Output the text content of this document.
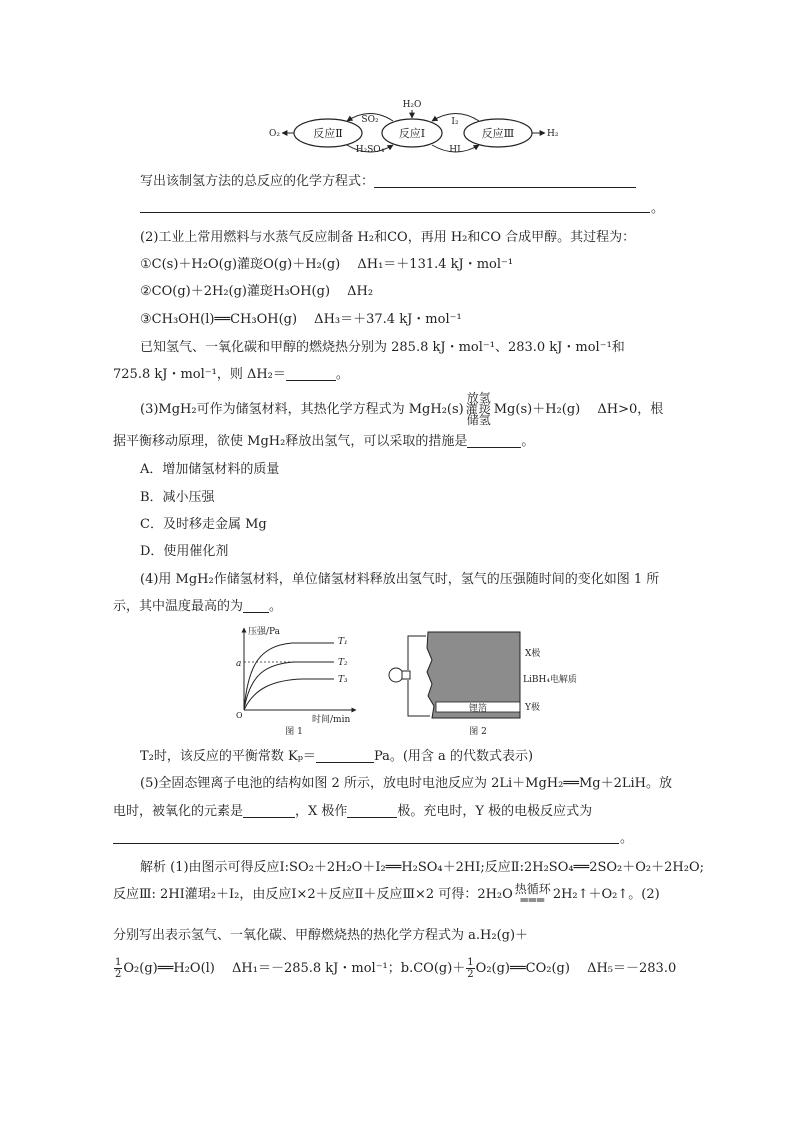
反应Ⅱ	反应Ⅰ	反应Ⅲ
H₂O
O₂	H₂
SO₂
H₂SO₄
I₂
HI
写出该制氢方法的总反应的化学方程式：
。
(2)工业上常用燃料与水蒸气反应制备 H₂和CO，再用 H₂和CO 合成甲醇。其过程为：
①C(s)＋H₂O(g)灌珳O(g)＋H₂(g)　 ΔH₁＝＋131.4 kJ・mol⁻¹
②CO(g)＋2H₂(g)灌珳H₃OH(g)　 ΔH₂
③CH₃OH(l)══CH₃OH(g)　 ΔH₃＝＋37.4 kJ・mol⁻¹
已知氢气、一氧化碳和甲醇的燃烧热分别为 285.8 kJ・mol⁻¹、283.0 kJ・mol⁻¹和
725.8 kJ・mol⁻¹，则 ΔH₂＝	。
(3)MgH₂可作为储氢材料，其热化学方程式为 MgH₂(s)
放氢
灌珳
储氢
Mg(s)＋H₂(g)　 ΔH>0，根
据平衡移动原理，欲使 MgH₂释放出氢气，可以采取的措施是	。
A．增加储氢材料的质量
B．减小压强
C．及时移走金属 Mg
D．使用催化剂
(4)用 MgH₂作储氢材料，单位储氢材料释放出氢气时，氢气的压强随时间的变化如图 1 所
示，其中温度最高的为 。
压强/Pa
时间/min
O
a
T₁
T₂
T₃
图 1
锂箔
X极
LiBH₄电解质
Y极
图 2
T₂时，该反应的平衡常数 Kₚ＝	Pa。(用含 a 的代数式表示)
(5)全固态锂离子电池的结构如图 2 所示，放电时电池反应为 2Li＋MgH₂══Mg＋2LiH。放
电时，被氧化的元素是	，X 极作	极。充电时，Y 极的电极反应式为
。
解析 (1)由图示可得反应Ⅰ:SO₂＋2H₂O＋I₂══H₂SO₄＋2HI;反应Ⅱ:2H₂SO₄══2SO₂＋O₂＋2H₂O;
反应Ⅲ: 2HI灌珺₂＋I₂，由反应Ⅰ×2＋反应Ⅱ＋反应Ⅲ×2 可得：2H₂O 热循环
═══ 2H₂↑＋O₂↑。(2)
分别写出表示氢气、一氧化碳、甲醇燃烧热的热化学方程式为 a.H₂(g)＋
$\frac{1}{2}$ O₂(g)══H₂O(l)　 ΔH₁＝－285.8 kJ・mol⁻¹；$b.CO(g)+ \frac{1}{2}$ O₂(g)══CO₂(g)　 ΔH₅＝－283.0
